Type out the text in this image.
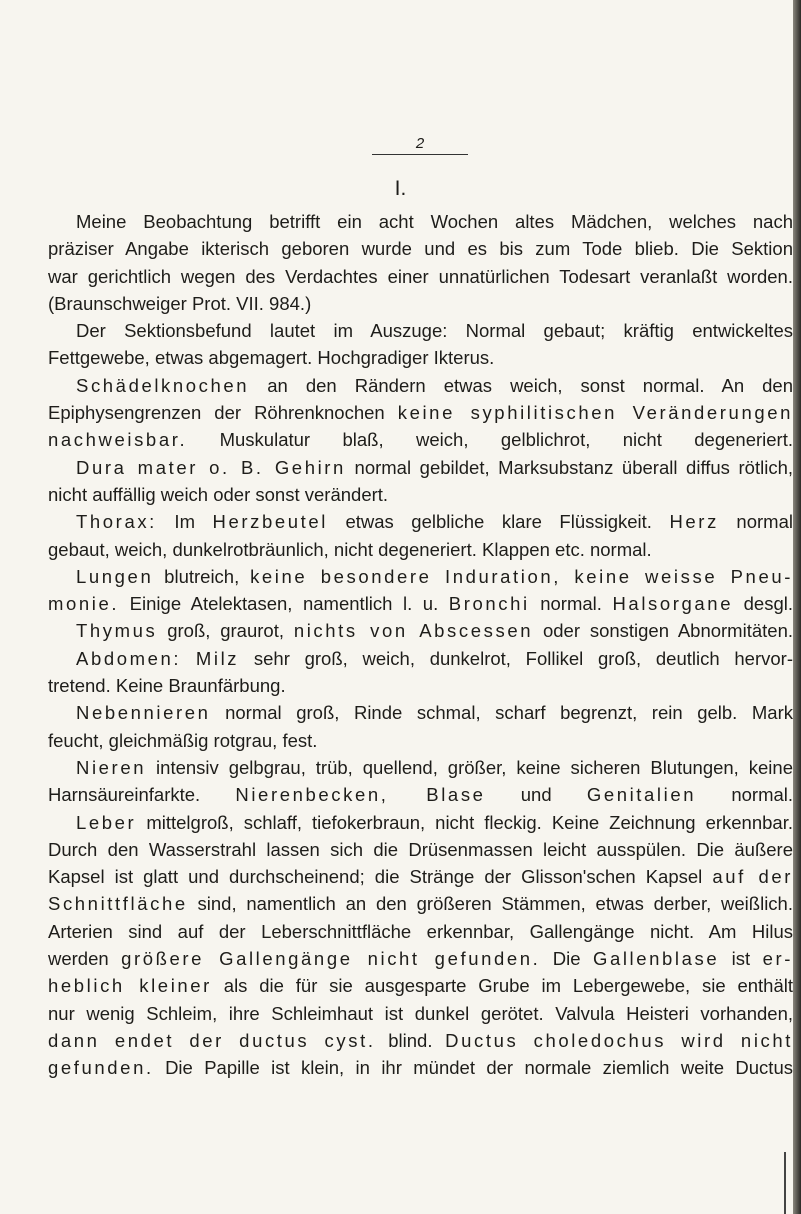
2
I.
Meine Beobachtung betrifft ein acht Wochen altes Mädchen, welches nach
präziser Angabe ikterisch geboren wurde und es bis zum Tode blieb. Die Sektion
war gerichtlich wegen des Verdachtes einer unnatürlichen Todesart veranlaßt worden.
(Braunschweiger Prot. VII. 984.)
Der Sektionsbefund lautet im Auszuge: Normal gebaut; kräftig entwickeltes
Fettgewebe, etwas abgemagert. Hochgradiger Ikterus.
Schädelknochen an den Rändern etwas weich, sonst normal. An den
Epiphysengrenzen der Röhrenknochen keine syphilitischen Veränderungen
nachweisbar. Muskulatur blaß, weich, gelblichrot, nicht degeneriert.
Dura mater o. B. Gehirn normal gebildet, Marksubstanz überall diffus rötlich,
nicht auffällig weich oder sonst verändert.
Thorax: Im Herzbeutel etwas gelbliche klare Flüssigkeit. Herz normal
gebaut, weich, dunkelrotbräunlich, nicht degeneriert. Klappen etc. normal.
Lungen blutreich, keine besondere Induration, keine weisse Pneu-
monie. Einige Atelektasen, namentlich l. u. Bronchi normal. Halsorgane desgl.
Thymus groß, graurot, nichts von Abscessen oder sonstigen Abnormitäten.
Abdomen: Milz sehr groß, weich, dunkelrot, Follikel groß, deutlich hervor-
tretend. Keine Braunfärbung.
Nebennieren normal groß, Rinde schmal, scharf begrenzt, rein gelb. Mark
feucht, gleichmäßig rotgrau, fest.
Nieren intensiv gelbgrau, trüb, quellend, größer, keine sicheren Blutungen, keine
Harnsäureinfarkte. Nierenbecken, Blase und Genitalien normal.
Leber mittelgroß, schlaff, tiefokerbraun, nicht fleckig. Keine Zeichnung erkennbar.
Durch den Wasserstrahl lassen sich die Drüsenmassen leicht ausspülen. Die äußere
Kapsel ist glatt und durchscheinend; die Stränge der Glisson'schen Kapsel auf der
Schnittfläche sind, namentlich an den größeren Stämmen, etwas derber, weißlich.
Arterien sind auf der Leberschnittfläche erkennbar, Gallengänge nicht. Am Hilus
werden größere Gallengänge nicht gefunden. Die Gallenblase ist er-
heblich kleiner als die für sie ausgesparte Grube im Lebergewebe, sie enthält
nur wenig Schleim, ihre Schleimhaut ist dunkel gerötet. Valvula Heisteri vorhanden,
dann endet der ductus cyst. blind. Ductus choledochus wird nicht
gefunden. Die Papille ist klein, in ihr mündet der normale ziemlich weite Ductus
